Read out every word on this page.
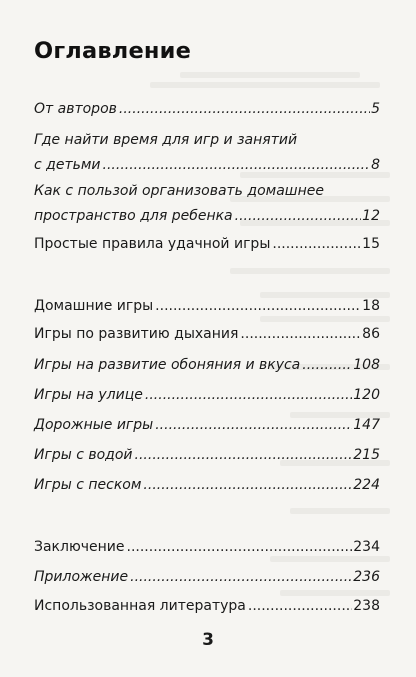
Оглавление
От авторов .....	5
Где найти время для игр и занятий
с детьми .....	8
Как с пользой организовать домашнее
пространство для ребенка .....	12
Простые правила удачной игры .....	15
Домашние игры .....	18
Игры по развитию дыхания .....	86
Игры на развитие обоняния и вкуса .....	108
Игры на улице .....	120
Дорожные игры .....	147
Игры с водой .....	215
Игры с песком .....	224
Заключение .....	234
Приложение .....	236
Использованная литература .....	238
3
